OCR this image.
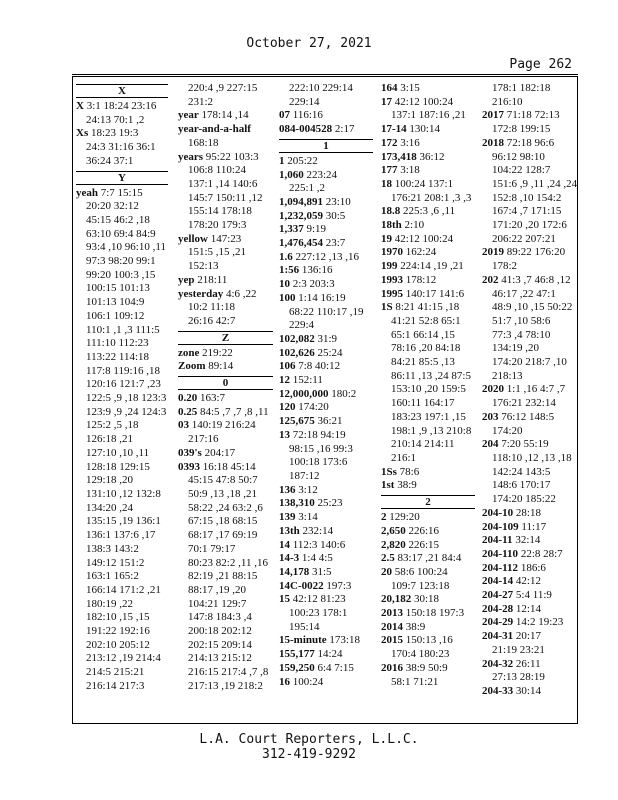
October 27, 2021
Page 262
X
X 3:1 18:24 23:16
24:13 70:1 ,2
Xs 18:23 19:3
24:3 31:16 36:1
36:24 37:1
Y
yeah 7:7 15:15
20:20 32:12
45:15 46:2 ,18
63:10 69:4 84:9
93:4 ,10 96:10 ,11
97:3 98:20 99:1
99:20 100:3 ,15
100:15 101:13
101:13 104:9
106:1 109:12
110:1 ,1 ,3 111:5
111:10 112:23
113:22 114:18
117:8 119:16 ,18
120:16 121:7 ,23
122:5 ,9 ,18 123:3
123:9 ,9 ,24 124:3
125:2 ,5 ,18
126:18 ,21
127:10 ,10 ,11
128:18 129:15
129:18 ,20
131:10 ,12 132:8
134:20 ,24
135:15 ,19 136:1
136:1 137:6 ,17
138:3 143:2
149:12 151:2
163:1 165:2
166:14 171:2 ,21
180:19 ,22
182:10 ,15 ,15
191:22 192:16
202:10 205:12
213:12 ,19 214:4
214:5 215:21
216:14 217:3
220:4 ,9 227:15
231:2
year 178:14 ,14
year-and-a-half
168:18
years 95:22 103:3
106:8 110:24
137:1 ,14 140:6
145:7 150:11 ,12
155:14 178:18
178:20 179:3
yellow 147:23
151:5 ,15 ,21
152:13
yep 218:11
yesterday 4:6 ,22
10:2 11:18
26:16 42:7
Z
zone 219:22
Zoom 89:14
0
0.20 163:7
0.25 84:5 ,7 ,7 ,8 ,11
03 140:19 216:24
217:16
039's 204:17
0393 16:18 45:14
45:15 47:8 50:7
50:9 ,13 ,18 ,21
58:22 ,24 63:2 ,6
67:15 ,18 68:15
68:17 ,17 69:19
70:1 79:17
80:23 82:2 ,11 ,16
82:19 ,21 88:15
88:17 ,19 ,20
104:21 129:7
147:8 184:3 ,4
200:18 202:12
202:15 209:14
214:13 215:12
216:15 217:4 ,7 ,8
217:13 ,19 218:2
222:10 229:14
229:14
07 116:16
084-004528 2:17
1
1 205:22
1,060 223:24
225:1 ,2
1,094,891 23:10
1,232,059 30:5
1,337 9:19
1,476,454 23:7
1.6 227:12 ,13 ,16
1:56 136:16
10 2:3 203:3
100 1:14 16:19
68:22 110:17 ,19
229:4
102,082 31:9
102,626 25:24
106 7:8 40:12
12 152:11
12,000,000 180:2
120 174:20
125,675 36:21
13 72:18 94:19
98:15 ,16 99:3
100:18 173:6
187:12
136 3:12
138,310 25:23
139 3:14
13th 232:14
14 112:3 140:6
14-3 1:4 4:5
14,178 31:5
14C-0022 197:3
15 42:12 81:23
100:23 178:1
195:14
15-minute 173:18
155,177 14:24
159,250 6:4 7:15
16 100:24
164 3:15
17 42:12 100:24
137:1 187:16 ,21
17-14 130:14
172 3:16
173,418 36:12
177 3:18
18 100:24 137:1
176:21 208:1 ,3 ,3
18.8 225:3 ,6 ,11
18th 2:10
19 42:12 100:24
1970 162:24
199 224:14 ,19 ,21
1993 178:12
1995 140:17 141:6
1S 8:21 41:15 ,18
41:21 52:8 65:1
65:1 66:14 ,15
78:16 ,20 84:18
84:21 85:5 ,13
86:11 ,13 ,24 87:5
153:10 ,20 159:5
160:11 164:17
183:23 197:1 ,15
198:1 ,9 ,13 210:8
210:14 214:11
216:1
1Ss 78:6
1st 38:9
2
2 129:20
2,650 226:16
2,820 226:15
2.5 83:17 ,21 84:4
20 58:6 100:24
109:7 123:18
20,182 30:18
2013 150:18 197:3
2014 38:9
2015 150:13 ,16
170:4 180:23
2016 38:9 50:9
58:1 71:21
178:1 182:18
216:10
2017 71:18 72:13
172:8 199:15
2018 72:18 96:6
96:12 98:10
104:22 128:7
151:6 ,9 ,11 ,24 ,24
152:8 ,10 154:2
167:4 ,7 171:15
171:20 ,20 172:6
206:22 207:21
2019 89:22 176:20
178:2
202 41:3 ,7 46:8 ,12
46:17 ,22 47:1
48:9 ,10 ,15 50:22
51:7 ,10 58:6
77:3 ,4 78:10
134:19 ,20
174:20 218:7 ,10
218:13
2020 1:1 ,16 4:7 ,7
176:21 232:14
203 76:12 148:5
174:20
204 7:20 55:19
118:10 ,12 ,13 ,18
142:24 143:5
148:6 170:17
174:20 185:22
204-10 28:18
204-109 11:17
204-11 32:14
204-110 22:8 28:7
204-112 186:6
204-14 42:12
204-27 5:4 11:9
204-28 12:14
204-29 14:2 19:23
204-31 20:17
21:19 23:21
204-32 26:11
27:13 28:19
204-33 30:14
L.A. Court Reporters, L.L.C.
312-419-9292
